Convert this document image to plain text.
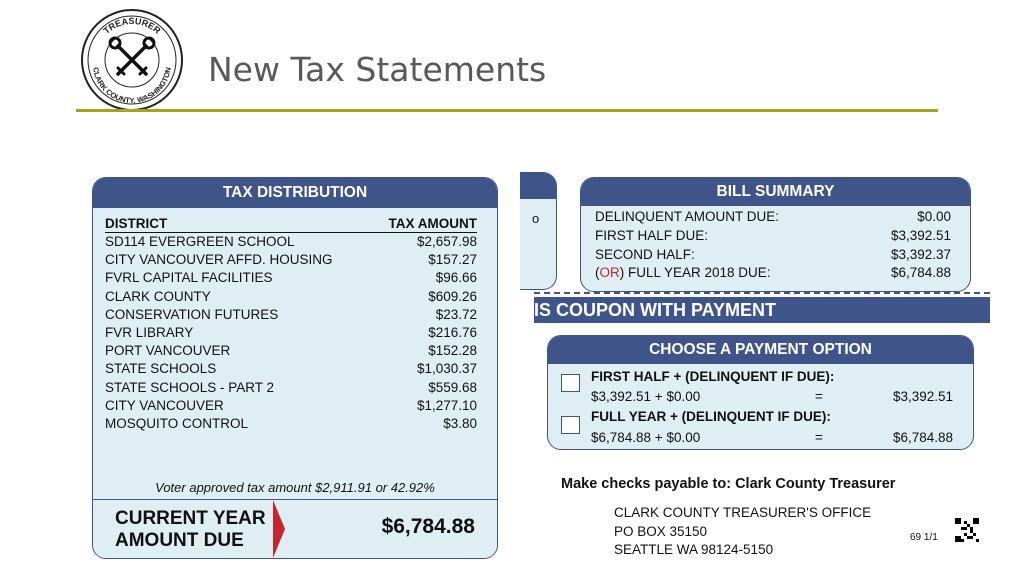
TREASURER
CLARK COUNTY, WASHINGTON New Tax Statements
TAX DISTRIBUTION
DISTRICT	TAX AMOUNT
SD114 EVERGREEN SCHOOL	$2,657.98
CITY VANCOUVER AFFD. HOUSING	$157.27
FVRL CAPITAL FACILITIES	$96.66
CLARK COUNTY	$609.26
CONSERVATION FUTURES	$23.72
FVR LIBRARY	$216.76
PORT VANCOUVER	$152.28
STATE SCHOOLS	$1,030.37
STATE SCHOOLS - PART 2	$559.68
CITY VANCOUVER	$1,277.10
MOSQUITO CONTROL	$3.80
Voter approved tax amount $2,911.91 or 42.92%
CURRENT YEAR
AMOUNT DUE
$6,784.88
o
BILL SUMMARY
DELINQUENT AMOUNT DUE:	$0.00
FIRST HALF DUE:	$3,392.51
SECOND HALF:	$3,392.37
(OR) FULL YEAR 2018 DUE:	$6,784.88
IS COUPON WITH PAYMENT
CHOOSE A PAYMENT OPTION
FIRST HALF + (DELINQUENT IF DUE):
$3,392.51 + $0.00	=	$3,392.51
FULL YEAR + (DELINQUENT IF DUE):
$6,784.88 + $0.00	=	$6,784.88
Make checks payable to: Clark County Treasurer
CLARK COUNTY TREASURER'S OFFICE
PO BOX 35150
SEATTLE WA 98124-5150
69 1/1
